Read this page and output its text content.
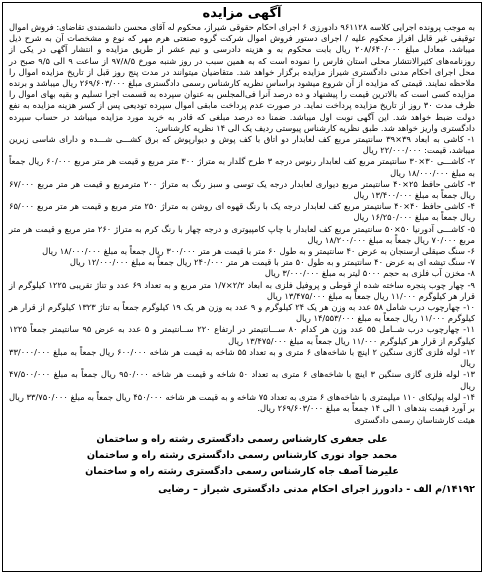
آگهی مزایده

به موجب پرونده اجرایی کلاسه ۹۶۱۱۲۸ دادورزی ۶ اجرای احکام حقوقی شیراز، محکوم له آقای محسن دانشمندی تقاضای: فروش اموال توقیفی غیر قابل افراز محکوم علیه / اجرای دستور فروش اموال شرکت گروه صنعتی هرم مهر که نوع و مشخصات آن به شرح ذیل میباشد، معادل مبلغ ۲۰۸/۶۴۰/۰۰۰ ریال بابت محکوم به و هزینه دادرسی و نیم عشر از طریق مزایده و انتشار آگهی در یکی از روزنامه‌های کثیرالانتشار محلی استان فارس را نموده است که به همین سبب در روز شنبه مورخ ۹۷/۸/۵ از ساعت ۹ الی ۹/۵ صبح در محل اجرای احکام مدنی دادگستری شیراز مزایده برگزار خواهد شد. متقاضیان میتوانند در مدت پنج روز قبل از تاریخ مزایده اموال را ملاحظه نمایند. قیمتی که مزایده از آن شروع میشود براساس نظریه کارشناس رسمی دادگستری مبلغ ۲۶۹/۶۰۳/۰۰۰ ریال میباشد و برنده مزایده کسی است که بالاترین قیمت را پیشنهاد و ده درصد آنرا فی‌المجلس به عنوان سپرده به قسمت اجرا تسلیم و بقیه بهای اموال را ظرف مدت ۳۰ روز از تاریخ مزایده پرداخت نماید. در صورت عدم پرداخت مابقی اموال سپرده تودیعی پس از کسر هزینه مزایده به نفع دولت ضبط خواهد شد. این آگهی نوبت اول میباشد. ضمنا ده درصد مبلغی که قادر به خرید مورد مزایده میباشد در حساب سپرده دادگستری واریز خواهد شد. طبق نظریه کارشناس پیوستی ردیف یک الی ۱۴ نظریه کارشناس:

۱- کاشی به ابعاد ۳۹×۳۹ سانتیمتر مربع کف لعابدار دو اتاق با کف پوش و دیوارپوش که برق کشـــی شـــده و دارای شاسی زیرین میباشد، قیمت: ۲۲/۰۰۰/۰۰۰ ریال
۲- کاشـــی ۳۰×۳۰ سانتیمتر مربع کف لعابدار رنوس درجه ۳ طرح گلدار به متراژ ۳۰۰ متر مربع و قیمت هر متر مربع ۶۰/۰۰۰ ریال جمعاً به مبلغ ۱۸/۰۰۰/۰۰۰ ریال
۳- کاشی حافظ ۲۵×۴۰ سانتیمتر مربع دیواری لعابدار درجه یک توسی و سبز رنگ به متراژ ۲۰۰ مترمربع و قیمت هر متر مربع ۶۷/۰۰۰ ریال جمعاً به مبلغ ۱۳/۴۰۰/۰۰۰ ریال
۴- کاشی حافظ ۴۰×۴۰ سانتیمتر مربع کف لعابدار درجه یک با رنگ قهوه ای روشن به متراژ ۲۵۰ متر مربع و قیمت هر متر مربع ۶۵/۰۰۰ ریال جمعاً به مبلغ ۱۶/۲۵۰/۰۰۰ ریال
۵- کاشـــی آدورنیا ۵۰×۵۰ سانتیمتر مربع کف لعابدار با چاپ کامپیوتری و درجه چهار با رنگ کرم به متراژ ۲۶۰ متر مربع و قیمت هر متر مربع ۷۰/۰۰۰ ریال جمعاً به مبلغ ۱۸/۲۰۰/۰۰۰ ریال
۶- سنگ صیقلی ارسنجان به عرض ۴۰ سانتیمتر و به طول ۶۰ متر با قیمت هر متر ۳۰۰/۰۰۰ ریال جمعاً به مبلغ ۱۸/۰۰۰/۰۰۰ ریال
۷- سنگ تیشه ای به عرض ۴۰ سانتیمتر و به طول ۵۰ متر با قیمت هر متر ۲۴۰/۰۰۰ ریال جمعاً به مبلغ ۱۲/۰۰۰/۰۰۰ ریال
۸- مخزن آب فلزی به حجم ۵۰۰۰ لیتر به مبلغ ۳/۰۰۰/۰۰۰ ریال
۹- چهار چوب پنجره ساخته شده از قوطی و پروفیل فلزی به ابعاد ۲/۲×۱/۷ متر مربع و به تعداد ۶۹ عدد و تناژ تقریبی ۱۲۲۵ کیلوگرم از قرار هر کیلوگرم ۱۱/۰۰۰ ریال جمعاً به مبلغ ۱۳/۴۷۵/۰۰۰ ریال
۱۰- چهارچوب درب شامل ۵۸ عدد به وزن هر یک ۲۴ کیلوگرم و ۹ عدد به وزن هر یک ۱۹ کیلوگرم جمعاً به تناژ ۱۳۲۳ کیلوگرم از قرار هر کیلوگرم ۱۱/۰۰۰ ریال جمعاً به مبلغ ۱۴/۵۵۳/۰۰۰ ریال
۱۱- چهارچوب درب شــامل ۵۵ عدد وزن هر کدام ۸۰ ســـانتیمتر در ارتفاع ۲۲۰ ســانتیمتر و ۵ عدد به عرض ۹۵ سانتیمتر جمعاً ۱۲۲۵ کیلوگرم از قرار هر کیلوگرم ۱۱/۰۰۰ ریال جمعاً به مبلغ ۱۳/۴۷۵/۰۰۰ ریال
۱۲- لوله فلزی گازی سنگین ۲ اینچ با شاخه‌های ۶ متری و به تعداد ۵۵ شاخه به قیمت هر شاخه ۶۰۰/۰۰۰ ریال جمعاً به مبلغ ۳۳/۰۰۰/۰۰۰ ریال
۱۳- لوله فلزی گازی سنگین ۳ اینچ با شاخه‌های ۶ متری به تعداد ۵۰ شاخه و قیمت هر شاخه ۹۵۰/۰۰۰ ریال جمعاً به مبلغ ۴۷/۵۰۰/۰۰۰ ریال
۱۴- لوله پولیکای ۱۱۰ میلیمتری با شاخه‌های ۶ متری به تعداد ۷۵ شاخه و به قیمت هر شاخه ۴۵۰/۰۰۰ ریال جمعاً به مبلغ ۳۳/۷۵۰/۰۰۰ ریال بر آورد قیمت بندهای ۱ الی ۱۴ جمعاً به مبلغ ۲۶۹/۶۰۳/۰۰۰ ریال.
هیئت کارشناسان رسمی دادگستری
علی جعفری کارشناس رسمی دادگستری رشته راه و ساختمان
محمد جواد نوری کارشناس رسمی دادگستری رشته راه و ساختمان
علیرضا آصف جاه کارشناس رسمی دادگستری رشته راه و ساختمان
۱۴۱۹۲/م الف - دادورز اجرای احکام مدنی دادگستری شیراز – رضایی
